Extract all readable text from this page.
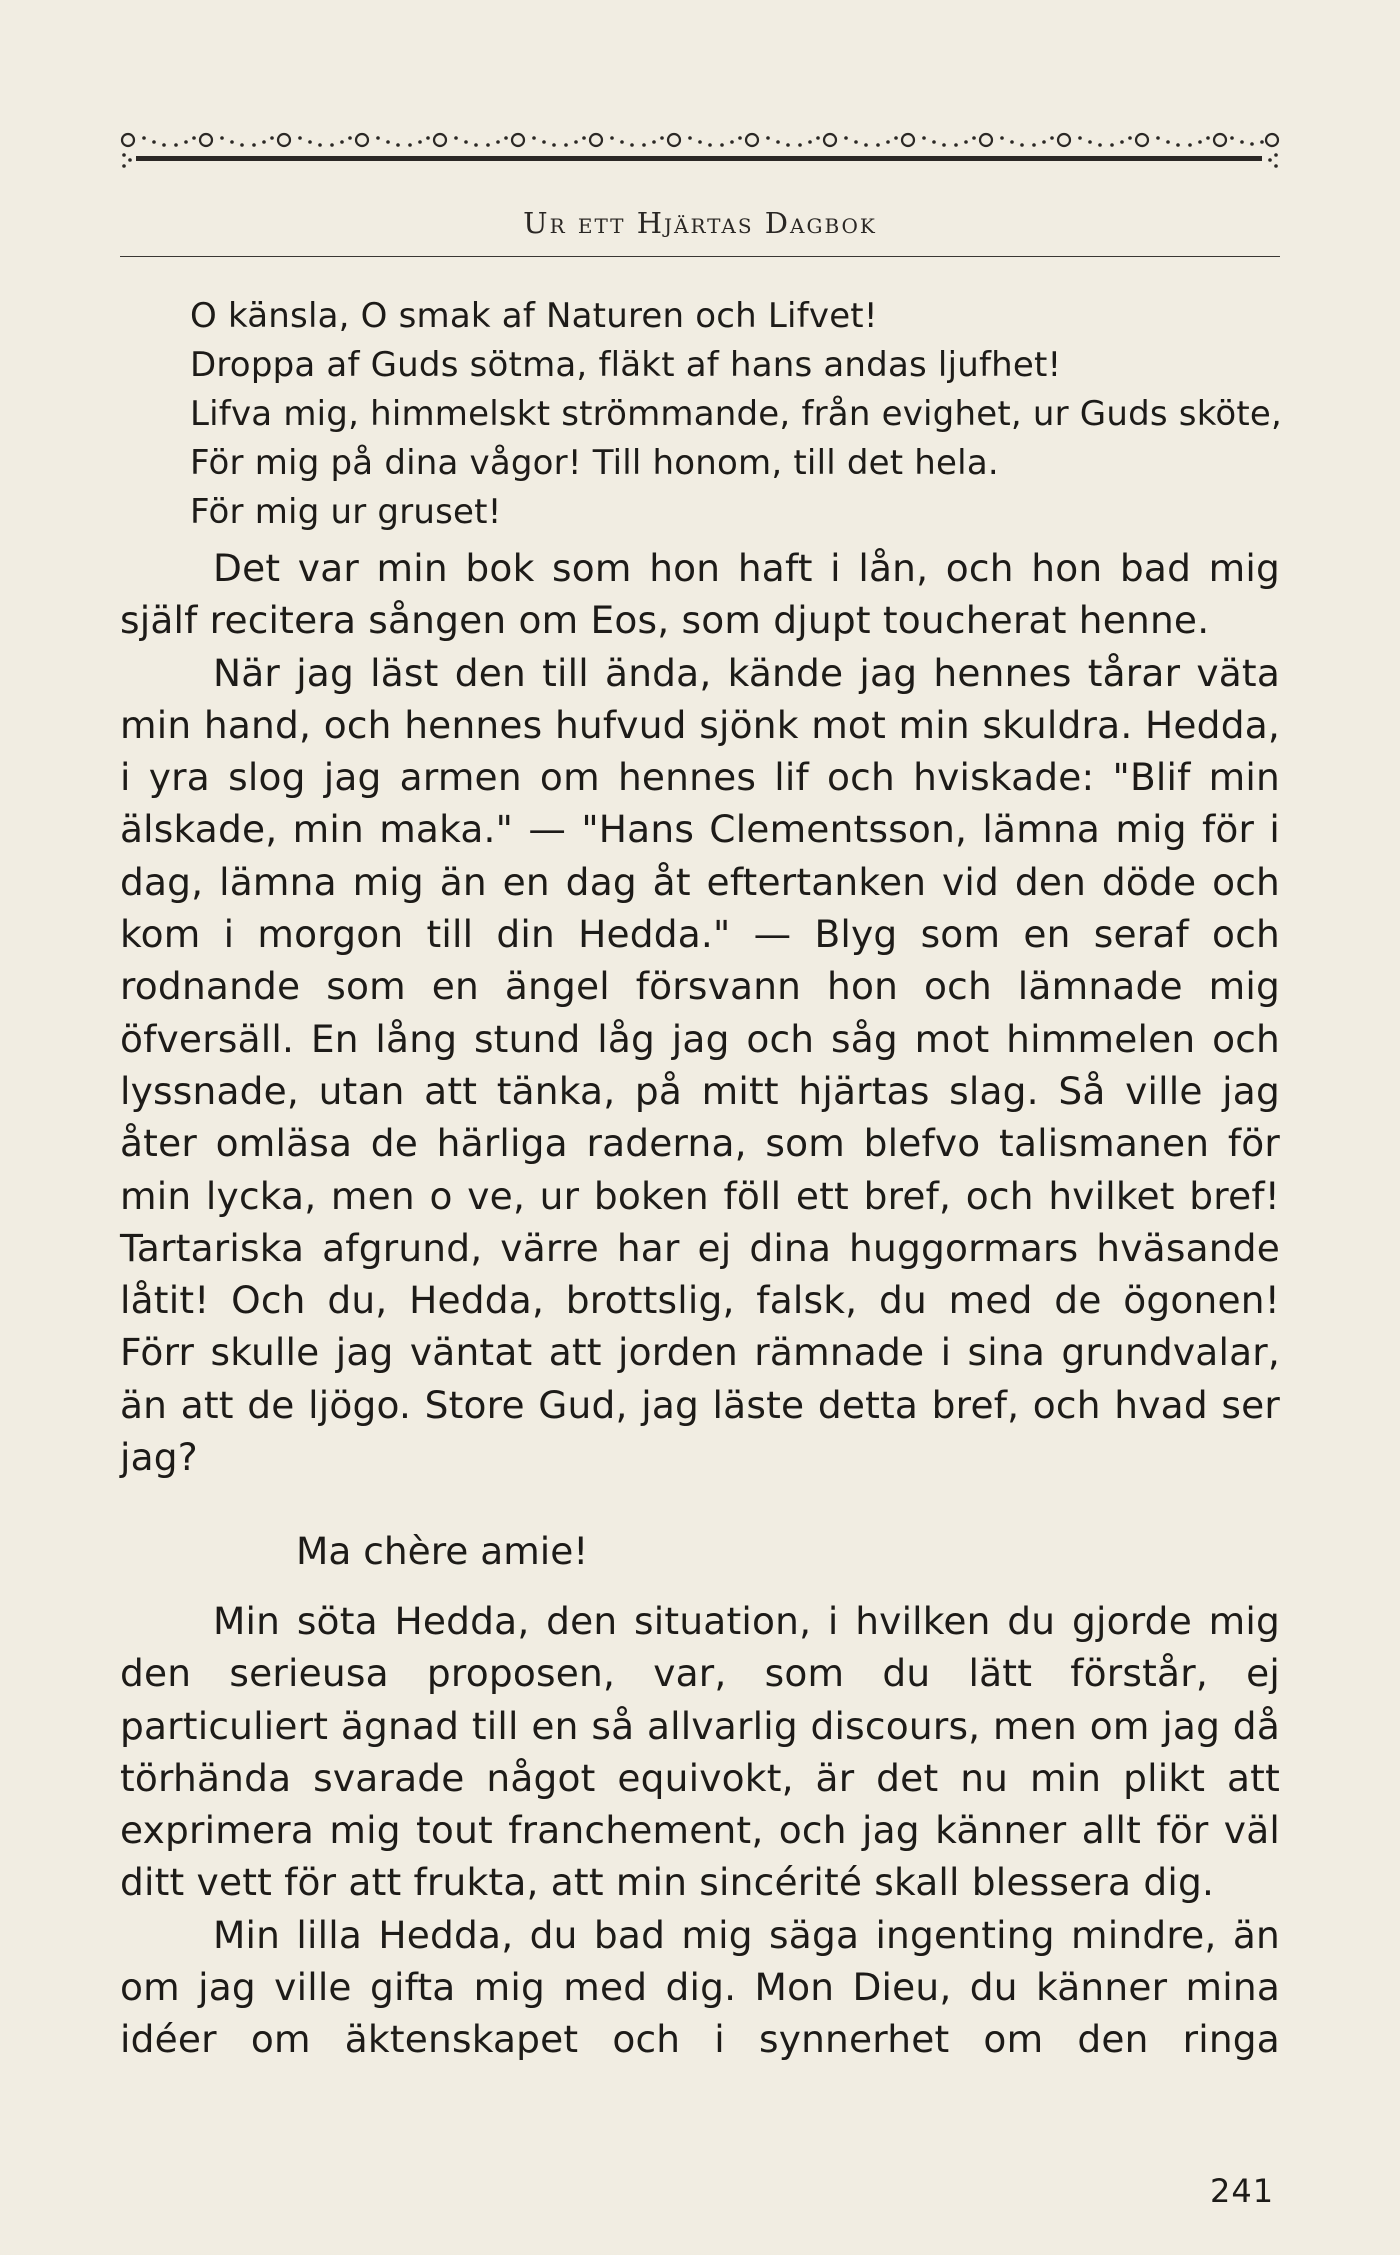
Ur ett Hjärtas Dagbok
O känsla, O smak af Naturen och Lifvet!
Droppa af Guds sötma, fläkt af hans andas ljufhet!
Lifva mig, himmelskt strömmande, från evighet, ur Guds sköte,
För mig på dina vågor! Till honom, till det hela.
För mig ur gruset!

Det var min bok som hon haft i lån, och hon bad mig själf recitera sången om Eos, som djupt toucherat henne.

När jag läst den till ända, kände jag hennes tårar väta min hand, och hennes hufvud sjönk mot min skuldra. Hedda, i yra slog jag armen om hennes lif och hviskade: "Blif min älskade, min maka." — "Hans Clementsson, lämna mig för i dag, lämna mig än en dag åt eftertanken vid den döde och kom i morgon till din Hedda." — Blyg som en seraf och rodnande som en ängel försvann hon och lämnade mig öfversäll. En lång stund låg jag och såg mot himmelen och lyssnade, utan att tänka, på mitt hjärtas slag. Så ville jag åter omläsa de härliga raderna, som blefvo talismanen för min lycka, men o ve, ur boken föll ett bref, och hvilket bref! Tartariska afgrund, värre har ej dina huggormars hväsande låtit! Och du, Hedda, brottslig, falsk, du med de ögonen! Förr skulle jag väntat att jorden rämnade i sina grundvalar, än att de ljögo. Store Gud, jag läste detta bref, och hvad ser jag?

Ma chère amie!

Min söta Hedda, den situation, i hvilken du gjorde mig den serieusa proposen, var, som du lätt förstår, ej particuliert ägnad till en så allvarlig discours, men om jag då törhända svarade något equivokt, är det nu min plikt att exprimera mig tout franchement, och jag känner allt för väl ditt vett för att frukta, att min sincérité skall blessera dig.

Min lilla Hedda, du bad mig säga ingenting mindre, än om jag ville gifta mig med dig. Mon Dieu, du känner mina idéer om äktenskapet och i synnerhet om den ringa

241
